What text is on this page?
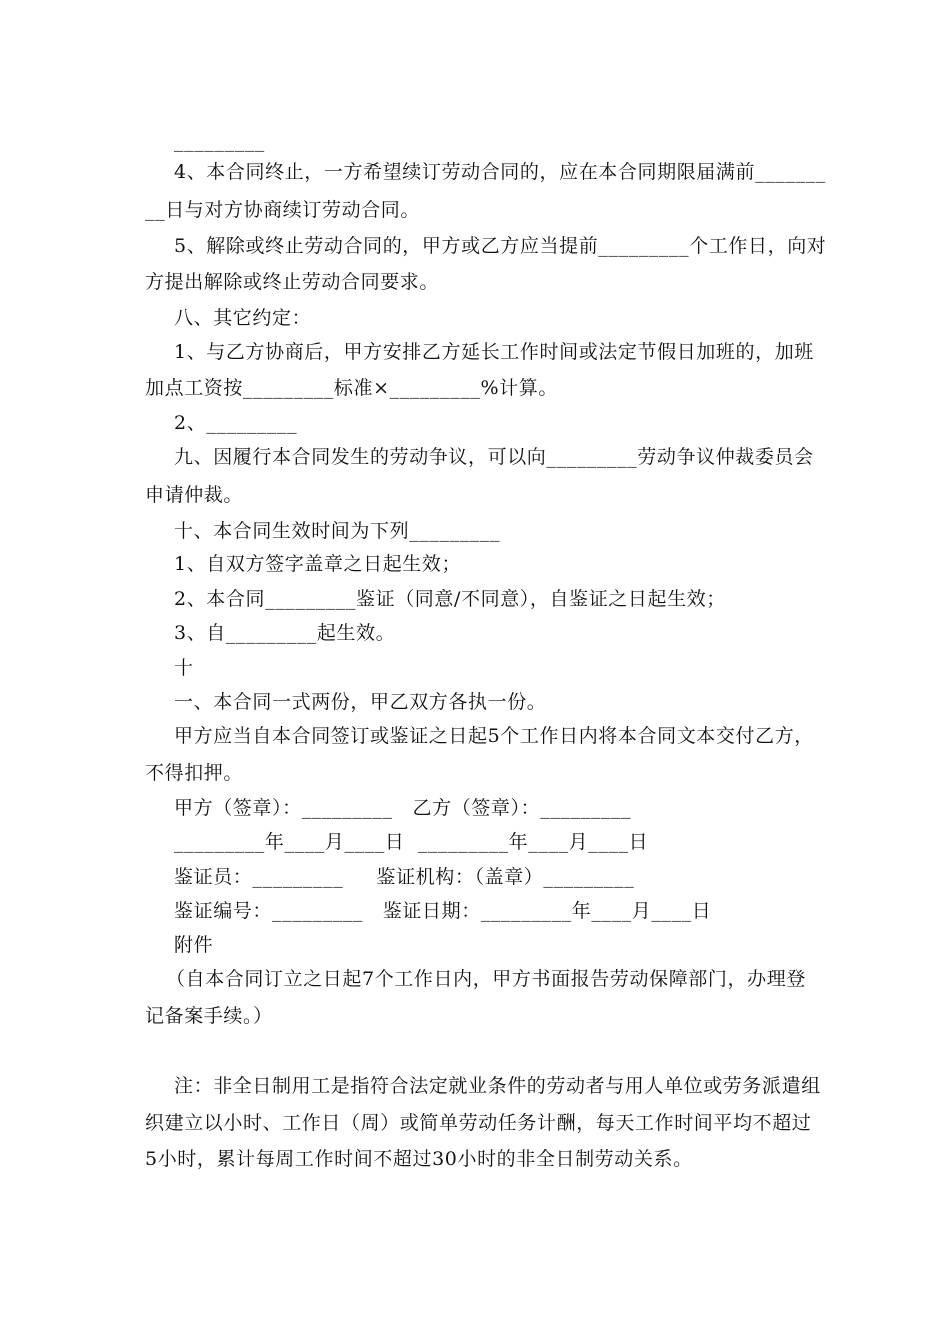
_________
4、本合同终止，一方希望续订劳动合同的，应在本合同期限届满前_______
__日与对方协商续订劳动合同。
5、解除或终止劳动合同的，甲方或乙方应当提前_________个工作日，向对
方提出解除或终止劳动合同要求。
八、其它约定：
1、与乙方协商后，甲方安排乙方延长工作时间或法定节假日加班的，加班
加点工资按_________标准×_________%计算。
2、_________
九、因履行本合同发生的劳动争议，可以向_________劳动争议仲裁委员会
申请仲裁。
十、本合同生效时间为下列_________
1、自双方签字盖章之日起生效；
2、本合同_________鉴证（同意/不同意），自鉴证之日起生效；
3、自_________起生效。
十
一、本合同一式两份，甲乙双方各执一份。
甲方应当自本合同签订或鉴证之日起5个工作日内将本合同文本交付乙方，
不得扣押。
甲方（签章）：_________   乙方（签章）：_________
_________年____月____日  _________年____月____日
鉴证员：_________     鉴证机构：（盖章）_________
鉴证编号：_________   鉴证日期：_________年____月____日
附件
（自本合同订立之日起7个工作日内，甲方书面报告劳动保障部门，办理登
记备案手续。）
注：非全日制用工是指符合法定就业条件的劳动者与用人单位或劳务派遣组
织建立以小时、工作日（周）或简单劳动任务计酬，每天工作时间平均不超过
5小时，累计每周工作时间不超过30小时的非全日制劳动关系。
